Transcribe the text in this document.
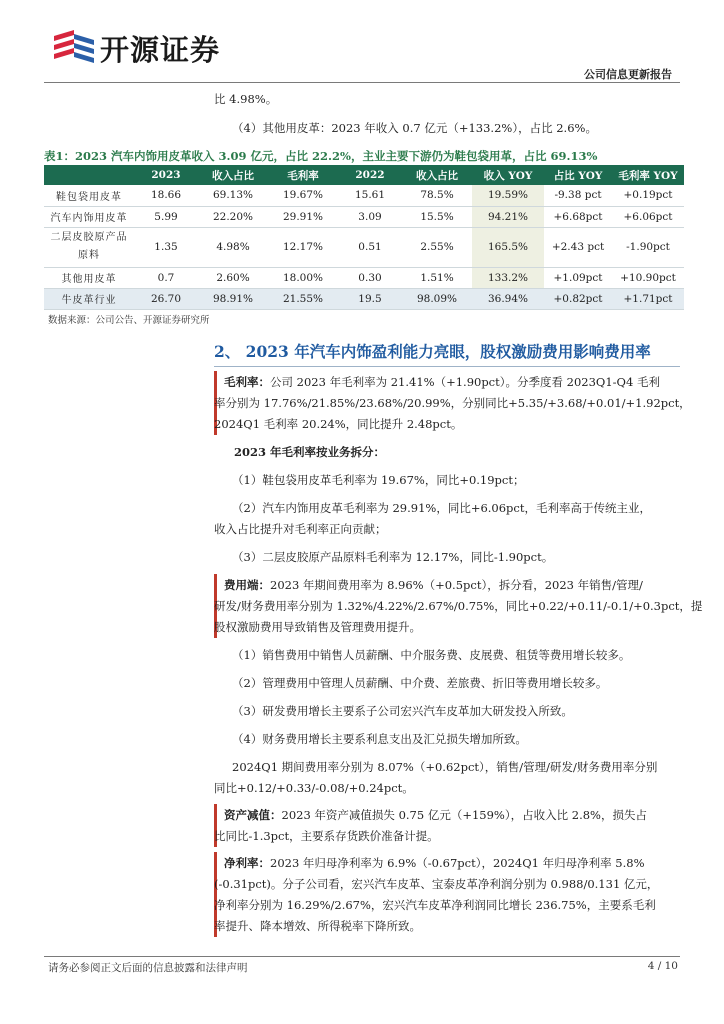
开源证券
公司信息更新报告
比 4.98%。
（4）其他用皮革：2023 年收入 0.7 亿元（+133.2%），占比 2.6%。
表1：2023 汽车内饰用皮革收入 3.09 亿元，占比 22.2%，主业主要下游仍为鞋包袋用革，占比 69.13%
	2023	收入占比	毛利率	2022	收入占比	收入 YOY	占比 YOY	毛利率 YOY
鞋包袋用皮革	18.66	69.13%	19.67%	15.61	78.5%	19.59%	-9.38 pct	+0.19pct
汽车内饰用皮革	5.99	22.20%	29.91%	3.09	15.5%	94.21%	+6.68pct	+6.06pct
二层皮胶原产品原料	1.35	4.98%	12.17%	0.51	2.55%	165.5%	+2.43 pct	-1.90pct
其他用皮革	0.7	2.60%	18.00%	0.30	1.51%	133.2%	+1.09pct	+10.90pct
牛皮革行业	26.70	98.91%	21.55%	19.5	98.09%	36.94%	+0.82pct	+1.71pct
数据来源：公司公告、开源证券研究所
2、 2023 年汽车内饰盈利能力亮眼，股权激励费用影响费用率
毛利率：公司 2023 年毛利率为 21.41%（+1.90pct）。分季度看 2023Q1-Q4 毛利
率分别为 17.76%/21.85%/23.68%/20.99%，分别同比+5.35/+3.68/+0.01/+1.92pct，
2024Q1 毛利率 20.24%，同比提升 2.48pct。
2023 年毛利率按业务拆分：
（1）鞋包袋用皮革毛利率为 19.67%，同比+0.19pct；
（2）汽车内饰用皮革毛利率为 29.91%，同比+6.06pct，毛利率高于传统主业，
收入占比提升对毛利率正向贡献；
（3）二层皮胶原产品原料毛利率为 12.17%，同比-1.90pct。
费用端：2023 年期间费用率为 8.96%（+0.5pct），拆分看，2023 年销售/管理/
研发/财务费用率分别为 1.32%/4.22%/2.67%/0.75%，同比+0.22/+0.11/-0.1/+0.3pct，提
股权激励费用导致销售及管理费用提升。
（1）销售费用中销售人员薪酬、中介服务费、皮展费、租赁等费用增长较多。
（2）管理费用中管理人员薪酬、中介费、差旅费、折旧等费用增长较多。
（3）研发费用增长主要系子公司宏兴汽车皮革加大研发投入所致。
（4）财务费用增长主要系利息支出及汇兑损失增加所致。
2024Q1 期间费用率分别为 8.07%（+0.62pct），销售/管理/研发/财务费用率分别
同比+0.12/+0.33/-0.08/+0.24pct。
资产减值：2023 年资产减值损失 0.75 亿元（+159%），占收入比 2.8%，损失占
比同比-1.3pct，主要系存货跌价准备计提。
净利率：2023 年归母净利率为 6.9%（-0.67pct），2024Q1 年归母净利率 5.8%
(-0.31pct)。分子公司看，宏兴汽车皮革、宝泰皮革净利润分别为 0.988/0.131 亿元，
净利率分别为 16.29%/2.67%，宏兴汽车皮革净利润同比增长 236.75%，主要系毛利
率提升、降本增效、所得税率下降所致。
请务必参阅正文后面的信息披露和法律声明	4 / 10
